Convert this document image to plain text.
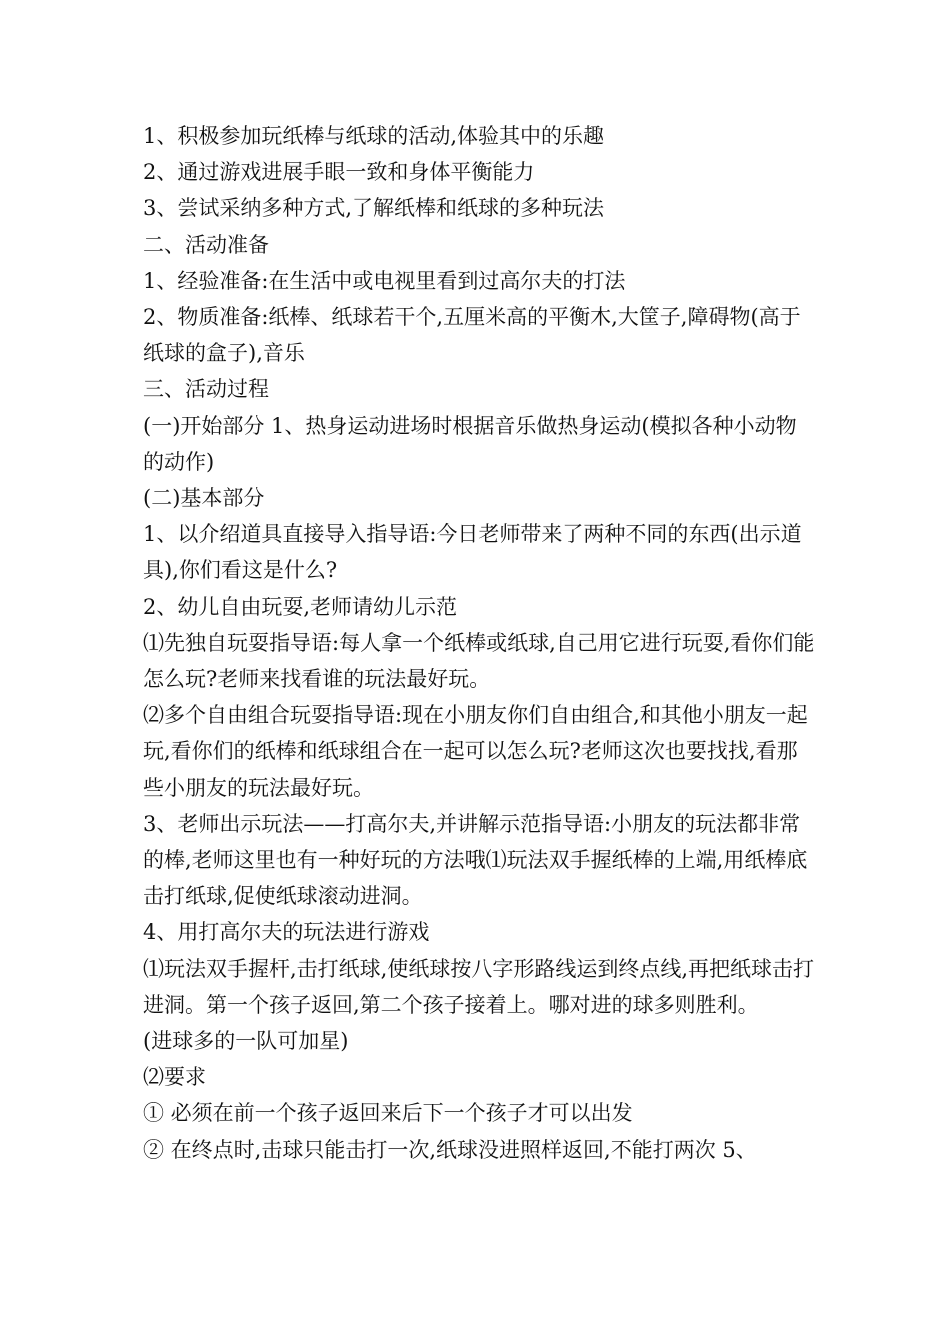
1、积极参加玩纸棒与纸球的活动,体验其中的乐趣

2、通过游戏进展手眼一致和身体平衡能力

3、尝试采纳多种方式,了解纸棒和纸球的多种玩法

二、活动准备

1、经验准备:在生活中或电视里看到过高尔夫的打法

2、物质准备:纸棒、纸球若干个,五厘米高的平衡木,大筐子,障碍物(高于纸球的盒子),音乐

三、活动过程

(一)开始部分 1、热身运动进场时根据音乐做热身运动(模拟各种小动物的动作)

(二)基本部分

1、以介绍道具直接导入指导语:今日老师带来了两种不同的东西(出示道具),你们看这是什么?

2、幼儿自由玩耍,老师请幼儿示范

⑴先独自玩耍指导语:每人拿一个纸棒或纸球,自己用它进行玩耍,看你们能怎么玩?老师来找看谁的玩法最好玩。

⑵多个自由组合玩耍指导语:现在小朋友你们自由组合,和其他小朋友一起玩,看你们的纸棒和纸球组合在一起可以怎么玩?老师这次也要找找,看那些小朋友的玩法最好玩。

3、老师出示玩法——打高尔夫,并讲解示范指导语:小朋友的玩法都非常的棒,老师这里也有一种好玩的方法哦⑴玩法双手握纸棒的上端,用纸棒底击打纸球,促使纸球滚动进洞。

4、用打高尔夫的玩法进行游戏

⑴玩法双手握杆,击打纸球,使纸球按八字形路线运到终点线,再把纸球击打进洞。第一个孩子返回,第二个孩子接着上。哪对进的球多则胜利。

(进球多的一队可加星)

⑵要求

① 必须在前一个孩子返回来后下一个孩子才可以出发

② 在终点时,击球只能击打一次,纸球没进照样返回,不能打两次 5、
